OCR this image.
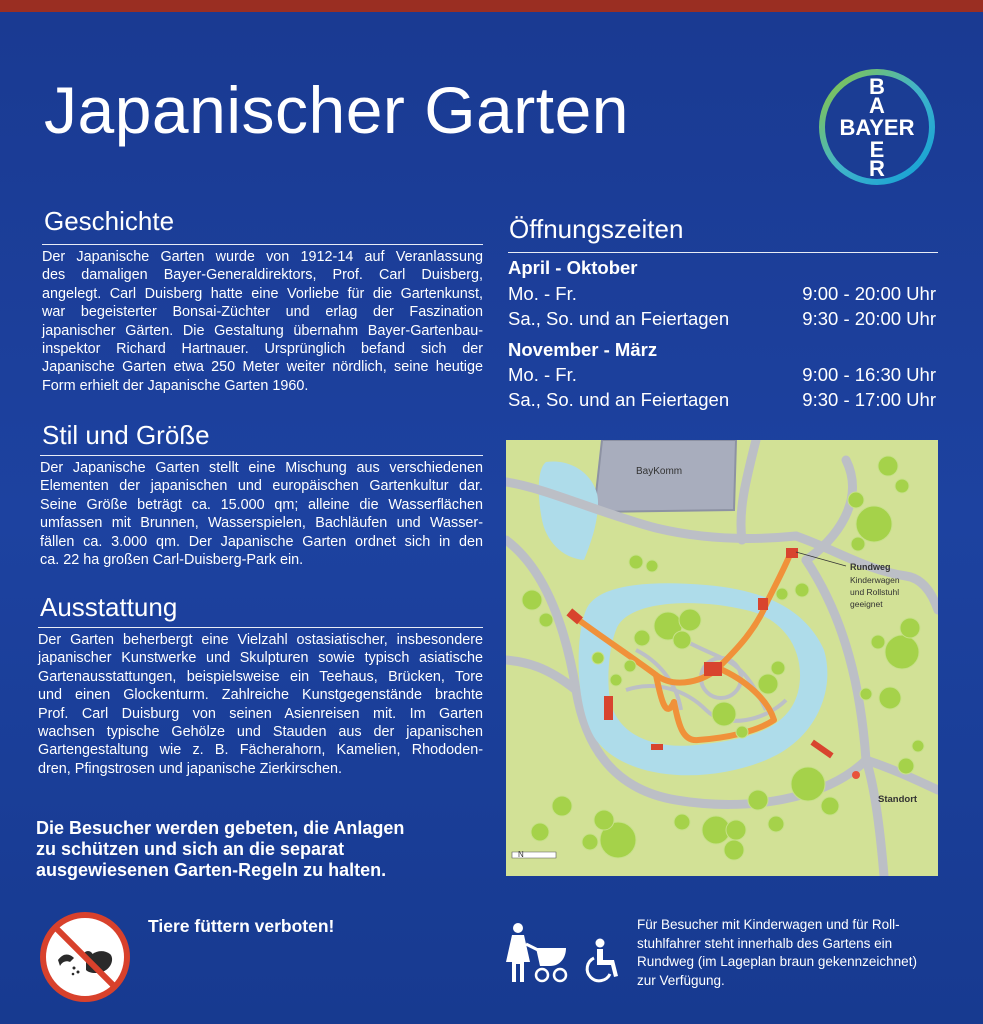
Japanischer Garten	BAYER
B
A
E
R
Geschichte
Der Japanische Garten wurde von 1912-14 auf Veranlassung
des damaligen Bayer-Generaldirektors, Prof. Carl Duisberg,
angelegt. Carl Duisberg hatte eine Vorliebe für die Gartenkunst,
war begeisterter Bonsai-Züchter und erlag der Faszination
japanischer Gärten. Die Gestaltung übernahm Bayer-Gartenbau-
inspektor Richard Hartnauer. Ursprünglich befand sich der
Japanische Garten etwa 250 Meter weiter nördlich, seine heutige
Form erhielt der Japanische Garten 1960.
Stil und Größe
Der Japanische Garten stellt eine Mischung aus verschiedenen
Elementen der japanischen und europäischen Gartenkultur dar.
Seine Größe beträgt ca. 15.000 qm; alleine die Wasserflächen
umfassen mit Brunnen, Wasserspielen, Bachläufen und Wasser-
fällen ca. 3.000 qm. Der Japanische Garten ordnet sich in den
ca. 22 ha großen Carl-Duisberg-Park ein.
Ausstattung
Der Garten beherbergt eine Vielzahl ostasiatischer, insbesondere
japanischer Kunstwerke und Skulpturen sowie typisch asiatische
Gartenausstattungen, beispielsweise ein Teehaus, Brücken, Tore
und einen Glockenturm. Zahlreiche Kunstgegenstände brachte
Prof. Carl Duisburg von seinen Asienreisen mit. Im Garten
wachsen typische Gehölze und Stauden aus der japanischen
Gartengestaltung wie z. B. Fächerahorn, Kamelien, Rhododen-
dren, Pfingstrosen und japanische Zierkirschen.
Öffnungszeiten
April - Oktober
Mo. - Fr.	9:00 - 20:00 Uhr
Sa., So. und an Feiertagen	9:30 - 20:00 Uhr
November - März
Mo. - Fr.	9:00 - 16:30 Uhr
Sa., So. und an Feiertagen	9:30 - 17:00 Uhr
BayKomm
Standort
Rundweg
Kinderwagen
und Rollstuhl
geeignet
N
Die Besucher werden gebeten, die Anlagen
zu schützen und sich an die separat
ausgewiesenen Garten-Regeln zu halten.
Tiere füttern verboten!	Für Besucher mit Kinderwagen und für Roll-
stuhlfahrer steht innerhalb des Gartens ein
Rundweg (im Lageplan braun gekennzeichnet)
zur Verfügung.
